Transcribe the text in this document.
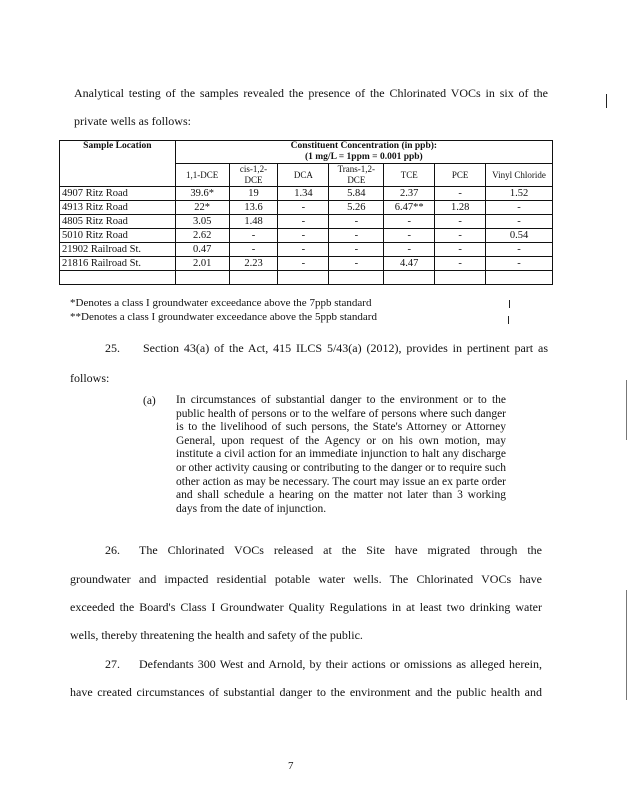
Analytical testing of the samples revealed the presence of the Chlorinated VOCs in six of the
private wells as follows:
Sample Location	Constituent Concentration (in ppb):
(1 mg/L = 1ppm = 0.001 ppb)						

	1,1-DCE	cis-1,2-DCE	DCA	Trans-1,2-DCE	TCE	PCE	Vinyl Chloride
4907 Ritz Road	39.6*	19	1.34	5.84	2.37	-	1.52
4913 Ritz Road	22*	13.6	-	5.26	6.47**	1.28	-
4805 Ritz Road	3.05	1.48	-	-	-	-	-
5010 Ritz Road	2.62	-	-	-	-	-	0.54
21902 Railroad St.	0.47	-	-	-	-	-	-
21816 Railroad St.	2.01	2.23	-	-	4.47	-	-

*Denotes a class I groundwater exceedance above the 7ppb standard
**Denotes a class I groundwater exceedance above the 5ppb standard
25. Section 43(a) of the Act, 415 ILCS 5/43(a) (2012), provides in pertinent part as
follows:
(a) In circumstances of substantial danger to the environment or to the public health of persons or to the welfare of persons where such danger is to the livelihood of such persons, the State's Attorney or Attorney General, upon request of the Agency or on his own motion, may institute a civil action for an immediate injunction to halt any discharge or other activity causing or contributing to the danger or to require such other action as may be necessary. The court may issue an ex parte order and shall schedule a hearing on the matter not later than 3 working days from the date of injunction.
26. The Chlorinated VOCs released at the Site have migrated through the
groundwater and impacted residential potable water wells. The Chlorinated VOCs have
exceeded the Board's Class I Groundwater Quality Regulations in at least two drinking water
wells, thereby threatening the health and safety of the public.
27. Defendants 300 West and Arnold, by their actions or omissions as alleged herein,
have created circumstances of substantial danger to the environment and the public health and
7
